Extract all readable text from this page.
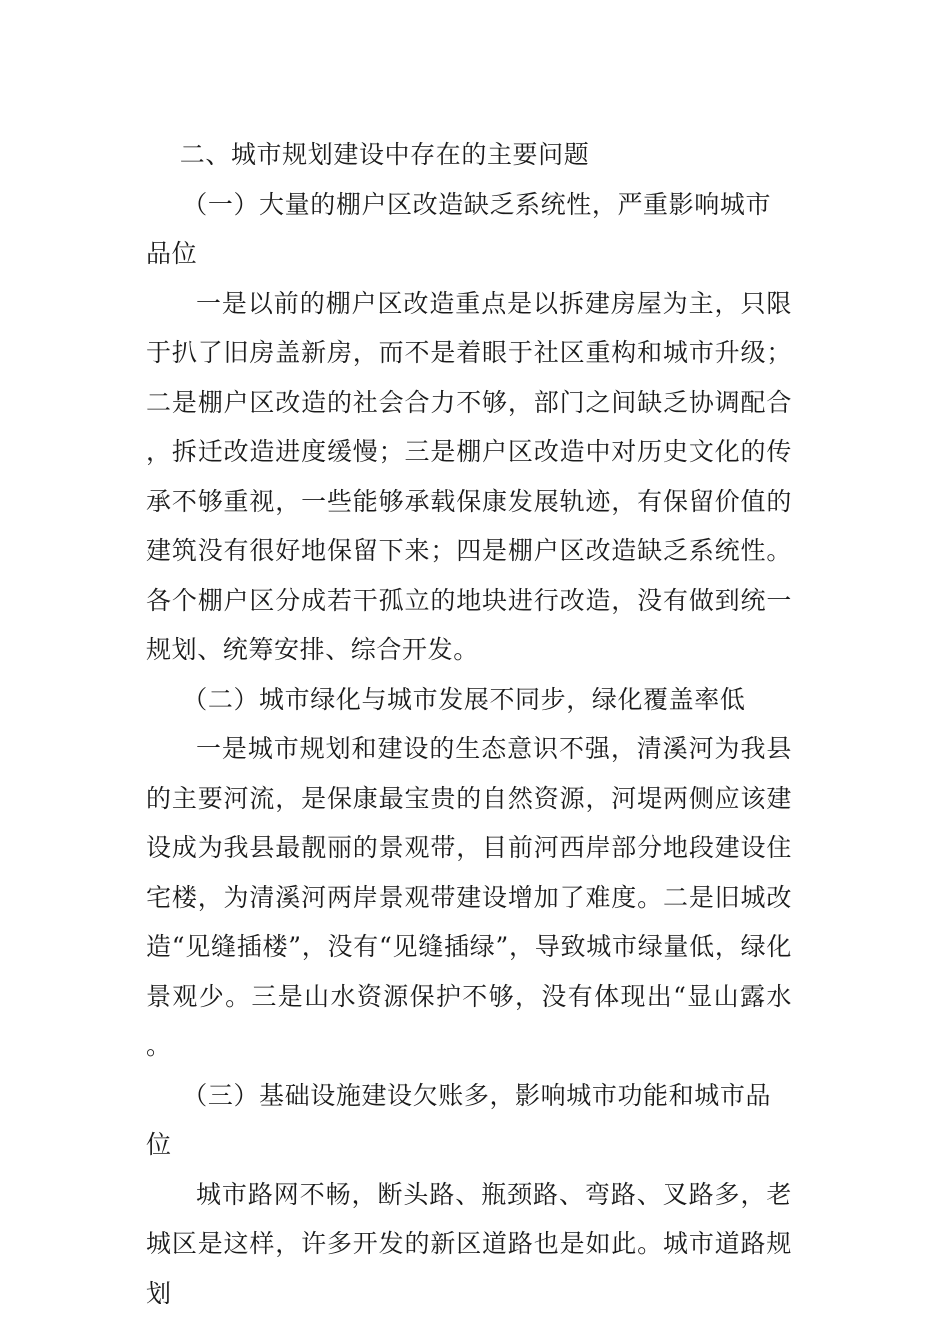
二、城市规划建设中存在的主要问题

（一）大量的棚户区改造缺乏系统性，严重影响城市品位

一是以前的棚户区改造重点是以拆建房屋为主，只限于扒了旧房盖新房，而不是着眼于社区重构和城市升级；二是棚户区改造的社会合力不够，部门之间缺乏协调配合，拆迁改造进度缓慢；三是棚户区改造中对历史文化的传承不够重视，一些能够承载保康发展轨迹，有保留价值的建筑没有很好地保留下来；四是棚户区改造缺乏系统性。各个棚户区分成若干孤立的地块进行改造，没有做到统一规划、统筹安排、综合开发。

（二）城市绿化与城市发展不同步，绿化覆盖率低

一是城市规划和建设的生态意识不强，清溪河为我县的主要河流，是保康最宝贵的自然资源，河堤两侧应该建设成为我县最靓丽的景观带，目前河西岸部分地段建设住宅楼，为清溪河两岸景观带建设增加了难度。二是旧城改造“见缝插楼”，没有“见缝插绿”，导致城市绿量低，绿化景观少。三是山水资源保护不够，没有体现出“显山露水。

（三）基础设施建设欠账多，影响城市功能和城市品位

城市路网不畅，断头路、瓶颈路、弯路、叉路多，老城区是这样，许多开发的新区道路也是如此。城市道路规划
